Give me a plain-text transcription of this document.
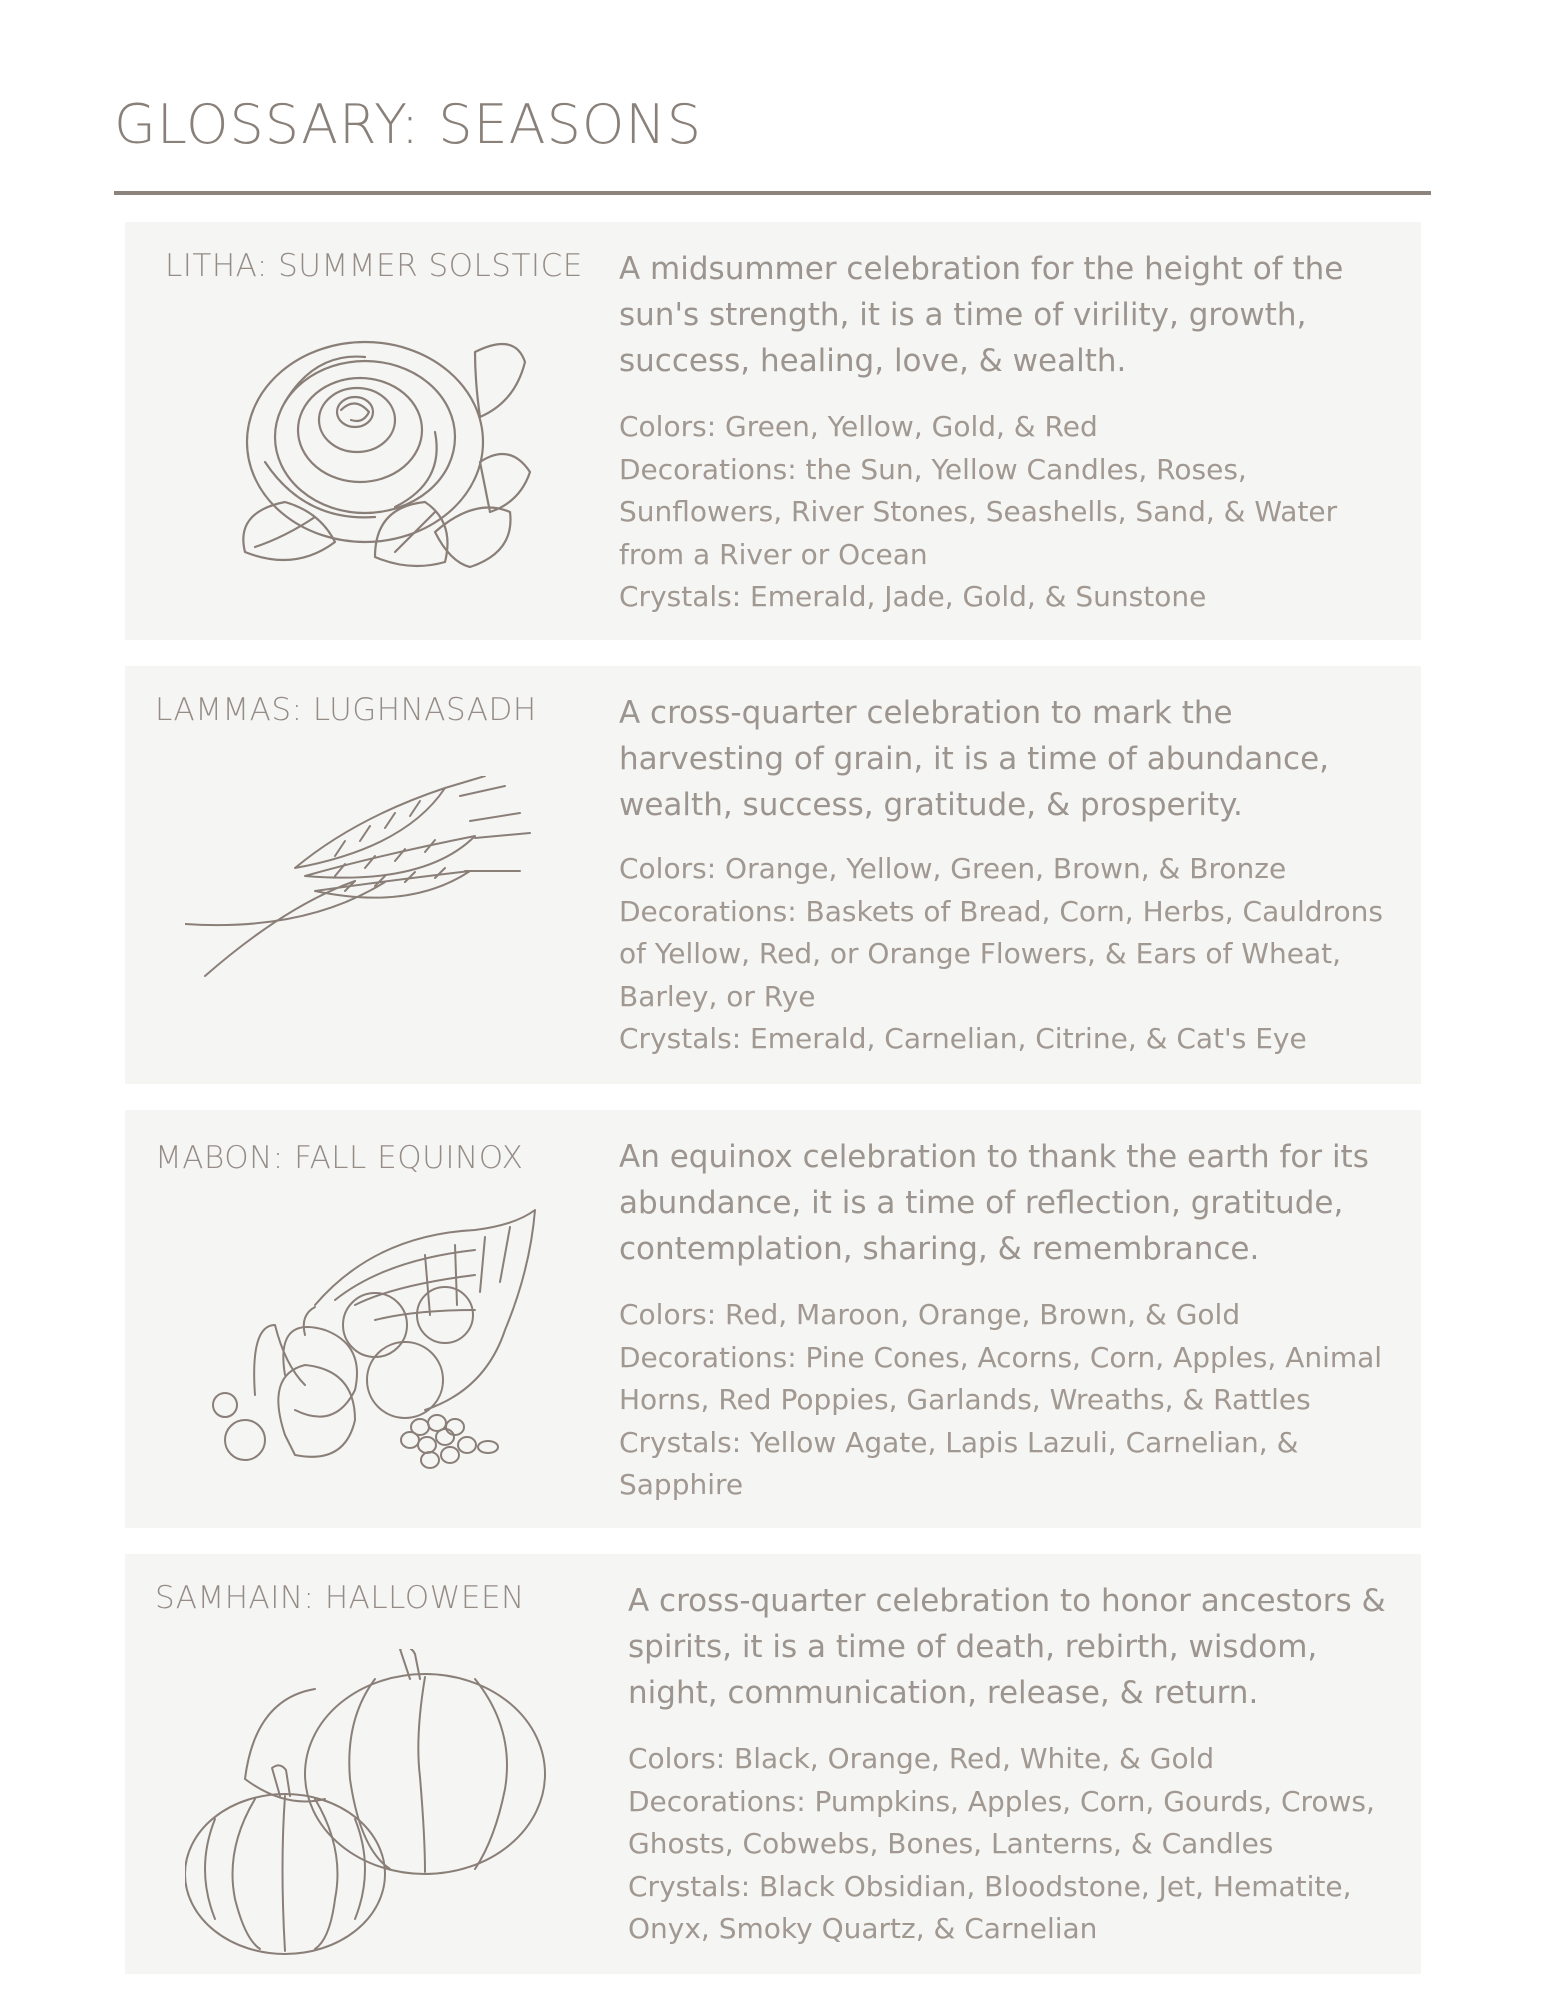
GLOSSARY: SEASONS
LITHA: SUMMER SOLSTICE A midsummer celebration for the height of the sun's strength, it is a time of virility, growth, success, healing, love, & wealth.
Colors: Green, Yellow, Gold, & Red
Decorations: the Sun, Yellow Candles, Roses, Sunflowers, River Stones, Seashells, Sand, & Water from a River or Ocean
Crystals: Emerald, Jade, Gold, & Sunstone
LAMMAS: LUGHNASADH	A cross-quarter celebration to mark the harvesting of grain, it is a time of abundance, wealth, success, gratitude, & prosperity.
Colors: Orange, Yellow, Green, Brown, & Bronze
Decorations: Baskets of Bread, Corn, Herbs, Cauldrons of Yellow, Red, or Orange Flowers, & Ears of Wheat, Barley, or Rye
Crystals: Emerald, Carnelian, Citrine, & Cat's Eye
MABON: FALL EQUINOX	An equinox celebration to thank the earth for its abundance, it is a time of reflection, gratitude, contemplation, sharing, & remembrance.
Colors: Red, Maroon, Orange, Brown, & Gold
Decorations: Pine Cones, Acorns, Corn, Apples, Animal Horns, Red Poppies, Garlands, Wreaths, & Rattles
Crystals: Yellow Agate, Lapis Lazuli, Carnelian, & Sapphire
SAMHAIN: HALLOWEEN	A cross-quarter celebration to honor ancestors & spirits, it is a time of death, rebirth, wisdom, night, communication, release, & return.
Colors: Black, Orange, Red, White, & Gold
Decorations: Pumpkins, Apples, Corn, Gourds, Crows, Ghosts, Cobwebs, Bones, Lanterns, & Candles
Crystals: Black Obsidian, Bloodstone, Jet, Hematite, Onyx, Smoky Quartz, & Carnelian
